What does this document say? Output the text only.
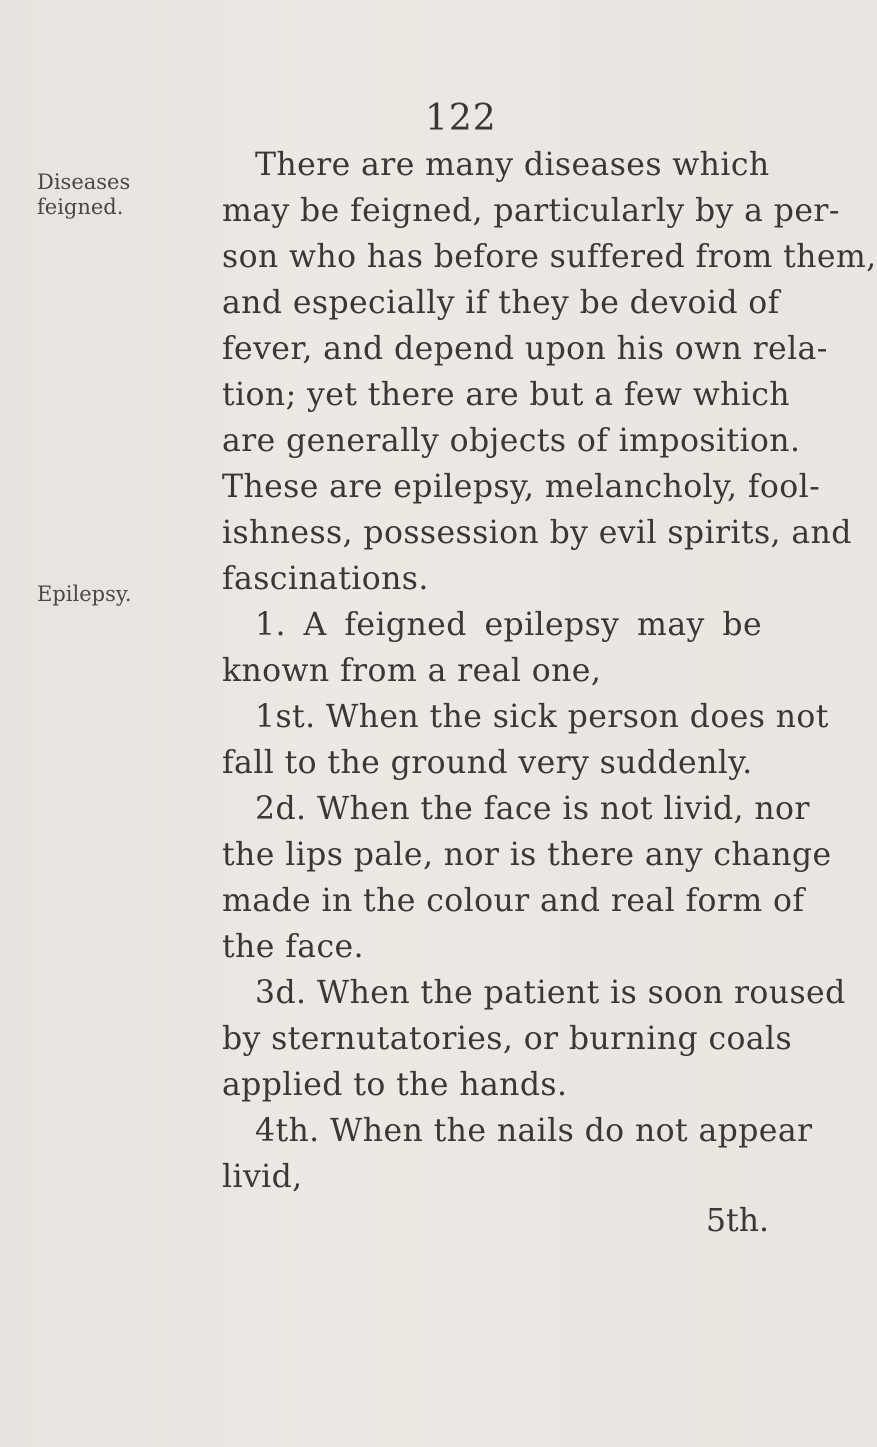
122
Diseases
feigned.
Epilepsy.
There are many diseases which
may be feigned, particularly by a per-
son who has before suffered from them,
and especially if they be devoid of
fever, and depend upon his own rela-
tion; yet there are but a few which
are generally objects of imposition.
These are epilepsy, melancholy, fool-
ishness, possession by evil spirits, and
fascinations.
1. A feigned epilepsy may be
known from a real one,
1st. When the sick person does not
fall to the ground very suddenly.
2d. When the face is not livid, nor
the lips pale, nor is there any change
made in the colour and real form of
the face.
3d. When the patient is soon roused
by sternutatories, or burning coals
applied to the hands.
4th. When the nails do not appear
livid,
5th.
